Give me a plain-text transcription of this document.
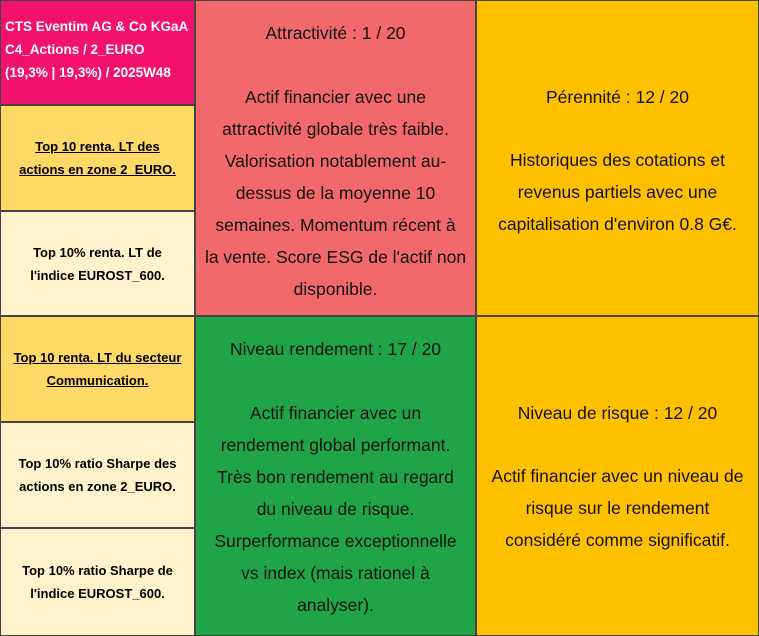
CTS Eventim AG & Co KGaA
C4_Actions / 2_EURO
(19,3% | 19,3%) / 2025W48
Top 10 renta. LT des
actions en zone 2_EURO.
Top 10% renta. LT de
l'indice EUROST_600.
Top 10 renta. LT du secteur
Communication.
Top 10% ratio Sharpe des
actions en zone 2_EURO.
Top 10% ratio Sharpe de
l'indice EUROST_600.
Attractivité : 1 / 20
Actif financier avec une
attractivité globale très faible.
Valorisation notablement au-
dessus de la moyenne 10
semaines. Momentum récent à
la vente. Score ESG de l'actif non
disponible.
Pérennité : 12 / 20
Historiques des cotations et
revenus partiels avec une
capitalisation d'environ 0.8 G€.
Niveau rendement : 17 / 20
Actif financier avec un
rendement global performant.
Très bon rendement au regard
du niveau de risque.
Surperformance exceptionnelle
vs index (mais rationel à
analyser).
Niveau de risque : 12 / 20
Actif financier avec un niveau de
risque sur le rendement
considéré comme significatif.
